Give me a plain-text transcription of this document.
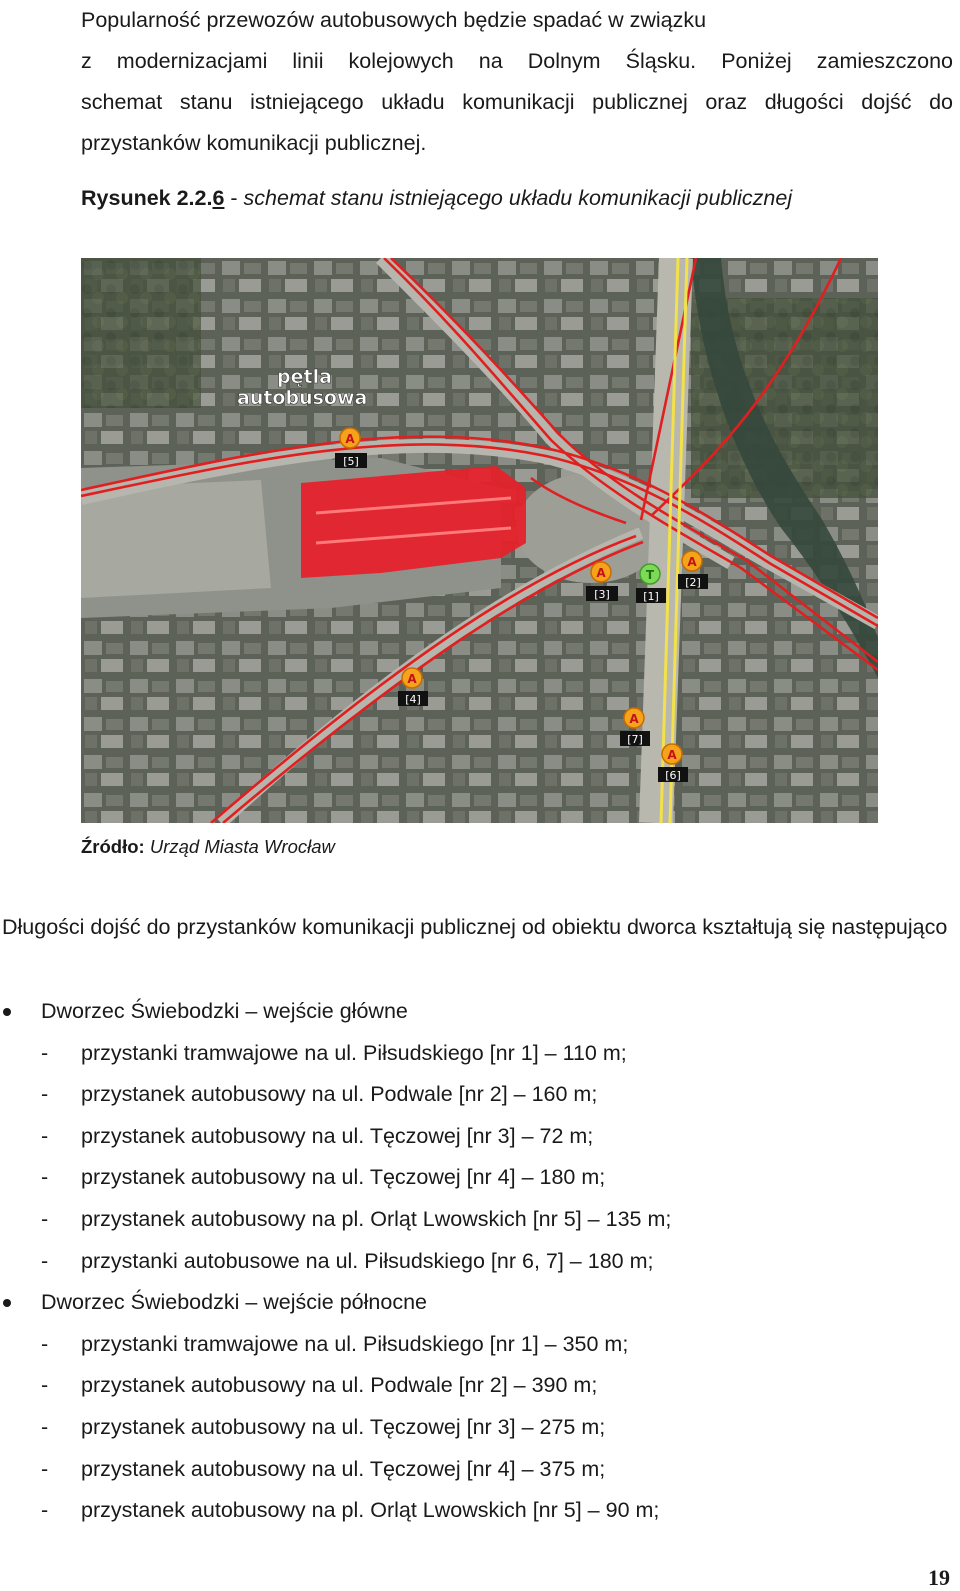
Popularność przewozów autobusowych będzie spadać w związku
z modernizacjami linii kolejowych na Dolnym Śląsku. Poniżej zamieszczono
schemat stanu istniejącego układu komunikacji publicznej oraz długości dojść do
przystanków komunikacji publicznej.
Rysunek 2.2.6 - schemat stanu istniejącego układu komunikacji publicznej
pętla
autobusowa
A
[5]
A
[3]
T
[1]
A
[2]
A
[4]
A
[7]
A
[6]
Źródło: Urząd Miasta Wrocław

Długości dojść do przystanków komunikacji publicznej od obiektu dworca kształtują się następująco

Dworzec Świebodzki – wejście główne
- przystanki tramwajowe na ul. Piłsudskiego [nr 1] – 110 m;
- przystanek autobusowy na ul. Podwale [nr 2] – 160 m;
- przystanek autobusowy na ul. Tęczowej [nr 3] – 72 m;
- przystanek autobusowy na ul. Tęczowej [nr 4] – 180 m;
- przystanek autobusowy na pl. Orląt Lwowskich [nr 5] – 135 m;
- przystanki autobusowe na ul. Piłsudskiego [nr 6, 7] – 180 m;
Dworzec Świebodzki – wejście północne
- przystanki tramwajowe na ul. Piłsudskiego [nr 1] – 350 m;
- przystanek autobusowy na ul. Podwale [nr 2] – 390 m;
- przystanek autobusowy na ul. Tęczowej [nr 3] – 275 m;
- przystanek autobusowy na ul. Tęczowej [nr 4] – 375 m;
- przystanek autobusowy na pl. Orląt Lwowskich [nr 5] – 90 m;
19
